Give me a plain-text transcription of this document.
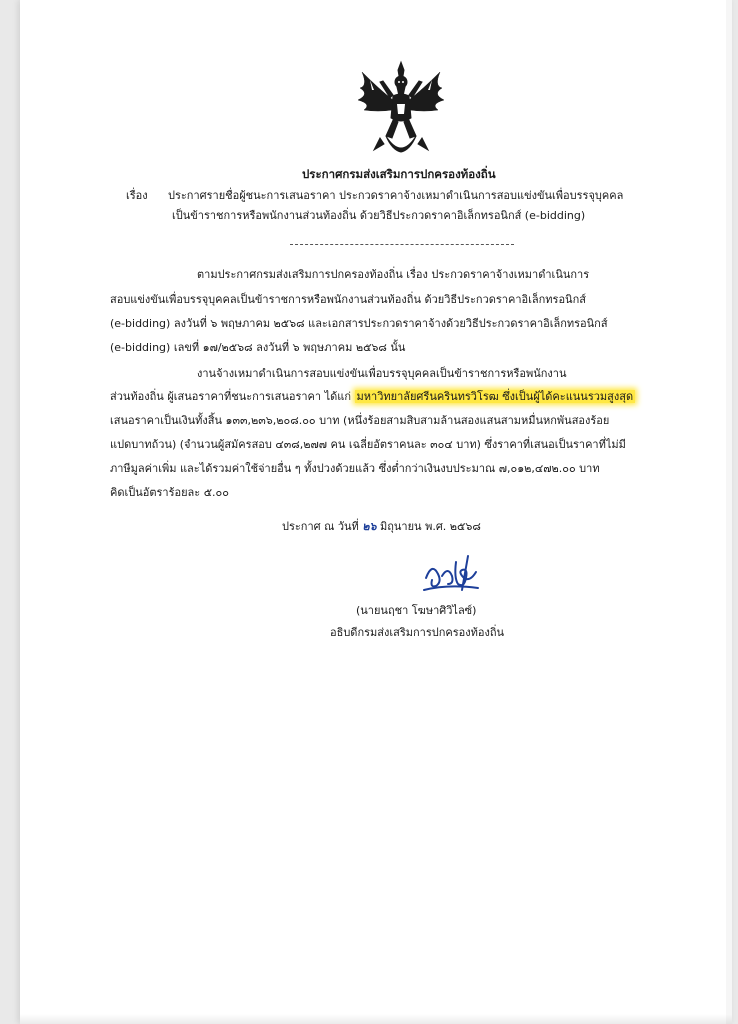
ประกาศกรมส่งเสริมการปกครองท้องถิ่น
เรื่อง ประกาศรายชื่อผู้ชนะการเสนอราคา ประกวดราคาจ้างเหมาดำเนินการสอบแข่งขันเพื่อบรรจุบุคคล
เป็นข้าราชการหรือพนักงานส่วนท้องถิ่น ด้วยวิธีประกวดราคาอิเล็กทรอนิกส์ (e-bidding)
ตามประกาศกรมส่งเสริมการปกครองท้องถิ่น เรื่อง ประกวดราคาจ้างเหมาดำเนินการ
สอบแข่งขันเพื่อบรรจุบุคคลเป็นข้าราชการหรือพนักงานส่วนท้องถิ่น ด้วยวิธีประกวดราคาอิเล็กทรอนิกส์
(e-bidding) ลงวันที่ ๖ พฤษภาคม ๒๕๖๘ และเอกสารประกวดราคาจ้างด้วยวิธีประกวดราคาอิเล็กทรอนิกส์
(e-bidding) เลขที่ ๑๗/๒๕๖๘ ลงวันที่ ๖ พฤษภาคม ๒๕๖๘ นั้น
งานจ้างเหมาดำเนินการสอบแข่งขันเพื่อบรรจุบุคคลเป็นข้าราชการหรือพนักงาน
ส่วนท้องถิ่น ผู้เสนอราคาที่ชนะการเสนอราคา ได้แก่ มหาวิทยาลัยศรีนครินทรวิโรฒ ซึ่งเป็นผู้ได้คะแนนรวมสูงสุด
เสนอราคาเป็นเงินทั้งสิ้น ๑๓๓,๒๓๖,๒๐๘.๐๐ บาท (หนึ่งร้อยสามสิบสามล้านสองแสนสามหมื่นหกพันสองร้อย
แปดบาทถ้วน) (จำนวนผู้สมัครสอบ ๔๓๘,๒๗๗ คน เฉลี่ยอัตราคนละ ๓๐๔ บาท) ซึ่งราคาที่เสนอเป็นราคาที่ไม่มี
ภาษีมูลค่าเพิ่ม และได้รวมค่าใช้จ่ายอื่น ๆ ทั้งปวงด้วยแล้ว ซึ่งต่ำกว่าเงินงบประมาณ ๗,๐๑๒,๔๗๒.๐๐ บาท
คิดเป็นอัตราร้อยละ ๕.๐๐
ประกาศ ณ วันที่ ๒๖ มิถุนายน พ.ศ. ๒๕๖๘
(นายนฤชา โฆษาศิวิไลซ์)
อธิบดีกรมส่งเสริมการปกครองท้องถิ่น
